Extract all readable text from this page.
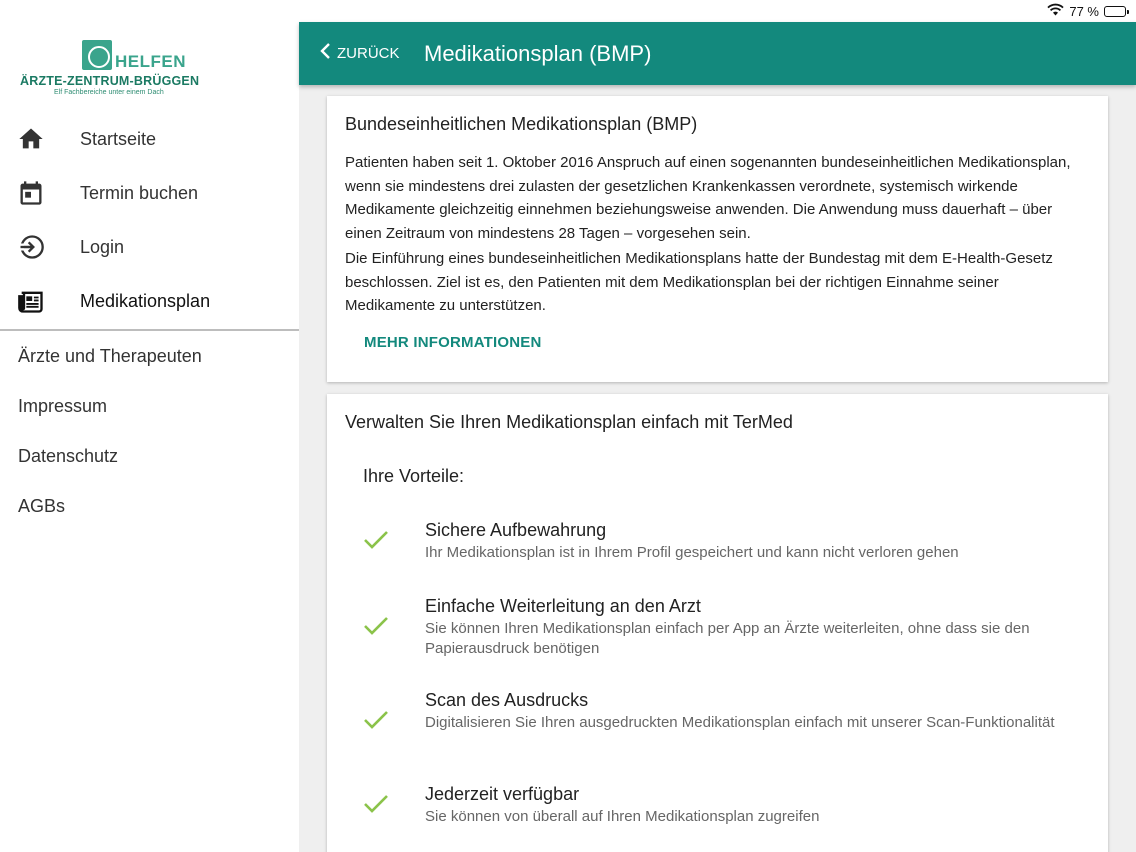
77 %
HELFEN
ÄRZTE-ZENTRUM-BRÜGGEN
Elf Fachbereiche unter einem Dach
Startseite
Termin buchen
Login
Medikationsplan
Ärzte und Therapeuten
Impressum
Datenschutz
AGBs
ZURÜCK Medikationsplan (BMP)
Bundeseinheitlichen Medikationsplan (BMP)
Patienten haben seit 1. Oktober 2016 Anspruch auf einen sogenannten bundeseinheitlichen Medikationsplan, wenn sie mindestens drei zulasten der gesetzlichen Krankenkassen verordnete, systemisch wirkende Medikamente gleichzeitig einnehmen beziehungsweise anwenden. Die Anwendung muss dauerhaft – über einen Zeitraum von mindestens 28 Tagen – vorgesehen sein.
Die Einführung eines bundeseinheitlichen Medikationsplans hatte der Bundestag mit dem E-Health-Gesetz beschlossen. Ziel ist es, den Patienten mit dem Medikationsplan bei der richtigen Einnahme seiner Medikamente zu unterstützen.
MEHR INFORMATIONEN
Verwalten Sie Ihren Medikationsplan einfach mit TerMed
Ihre Vorteile:
Sichere Aufbewahrung
Ihr Medikationsplan ist in Ihrem Profil gespeichert und kann nicht verloren gehen
Einfache Weiterleitung an den Arzt
Sie können Ihren Medikationsplan einfach per App an Ärzte weiterleiten, ohne dass sie den Papierausdruck benötigen
Scan des Ausdrucks
Digitalisieren Sie Ihren ausgedruckten Medikationsplan einfach mit unserer Scan-Funktionalität
Jederzeit verfügbar
Sie können von überall auf Ihren Medikationsplan zugreifen
